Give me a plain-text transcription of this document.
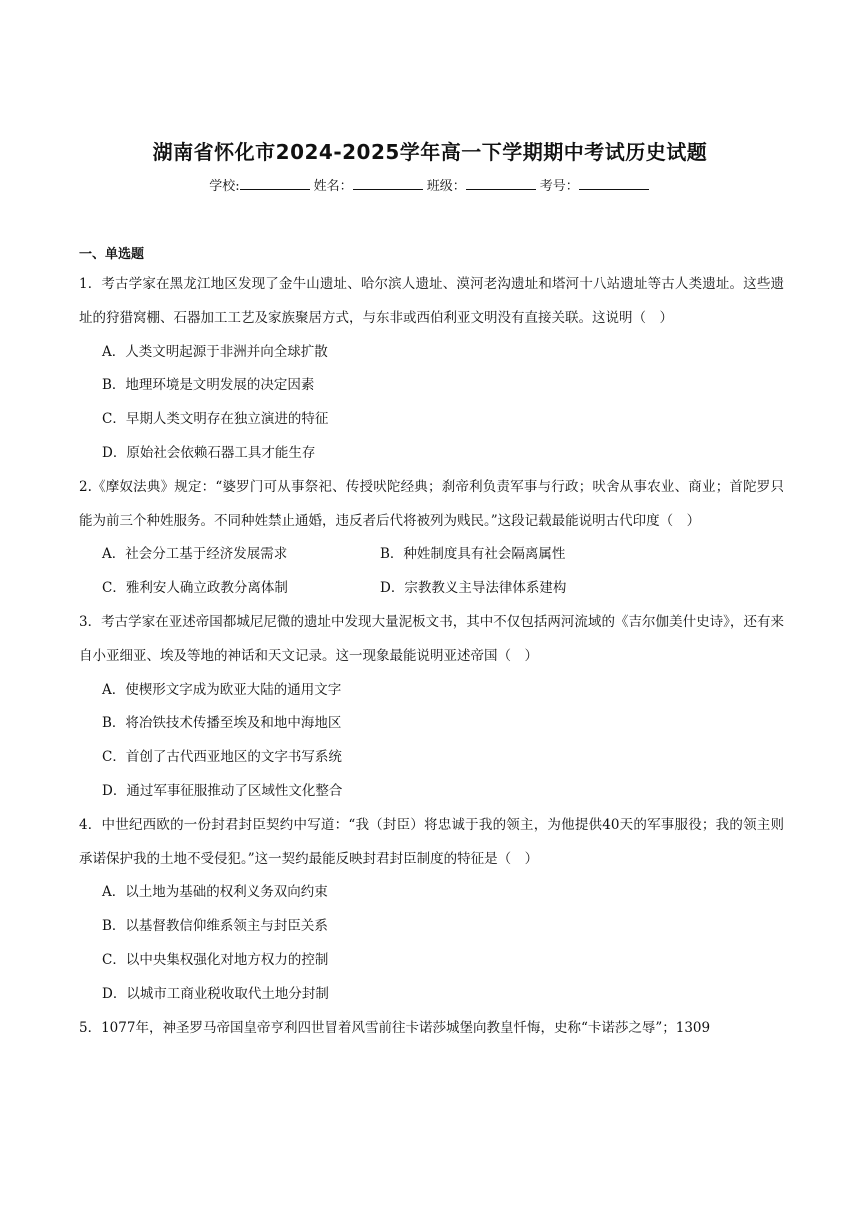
湖南省怀化市2024-2025学年高一下学期期中考试历史试题
学校:	姓名：	班级：	考号：
一、单选题
1．考古学家在黑龙江地区发现了金牛山遗址、哈尔滨人遗址、漠河老沟遗址和塔河十八站遗址等古人类遗址。这些遗址的狩猎窝棚、石器加工工艺及家族聚居方式，与东非或西伯利亚文明没有直接关联。这说明（　）
A．人类文明起源于非洲并向全球扩散
B．地理环境是文明发展的决定因素
C．早期人类文明存在独立演进的特征
D．原始社会依赖石器工具才能生存
2.《摩奴法典》规定：“婆罗门可从事祭祀、传授吠陀经典；刹帝利负责军事与行政；吠舍从事农业、商业；首陀罗只能为前三个种姓服务。不同种姓禁止通婚，违反者后代将被列为贱民。”这段记载最能说明古代印度（　）
A．社会分工基于经济发展需求	B．种姓制度具有社会隔离属性
C．雅利安人确立政教分离体制	D．宗教教义主导法律体系建构
3．考古学家在亚述帝国都城尼尼微的遗址中发现大量泥板文书，其中不仅包括两河流域的《吉尔伽美什史诗》，还有来自小亚细亚、埃及等地的神话和天文记录。这一现象最能说明亚述帝国（　）
A．使楔形文字成为欧亚大陆的通用文字
B．将冶铁技术传播至埃及和地中海地区
C．首创了古代西亚地区的文字书写系统
D．通过军事征服推动了区域性文化整合
4．中世纪西欧的一份封君封臣契约中写道：“我（封臣）将忠诚于我的领主，为他提供40天的军事服役；我的领主则承诺保护我的土地不受侵犯。”这一契约最能反映封君封臣制度的特征是（　）
A．以土地为基础的权利义务双向约束
B．以基督教信仰维系领主与封臣关系
C．以中央集权强化对地方权力的控制
D．以城市工商业税收取代土地分封制
5．1077年，神圣罗马帝国皇帝亨利四世冒着风雪前往卡诺莎城堡向教皇忏悔，史称“卡诺莎之辱”；1309
